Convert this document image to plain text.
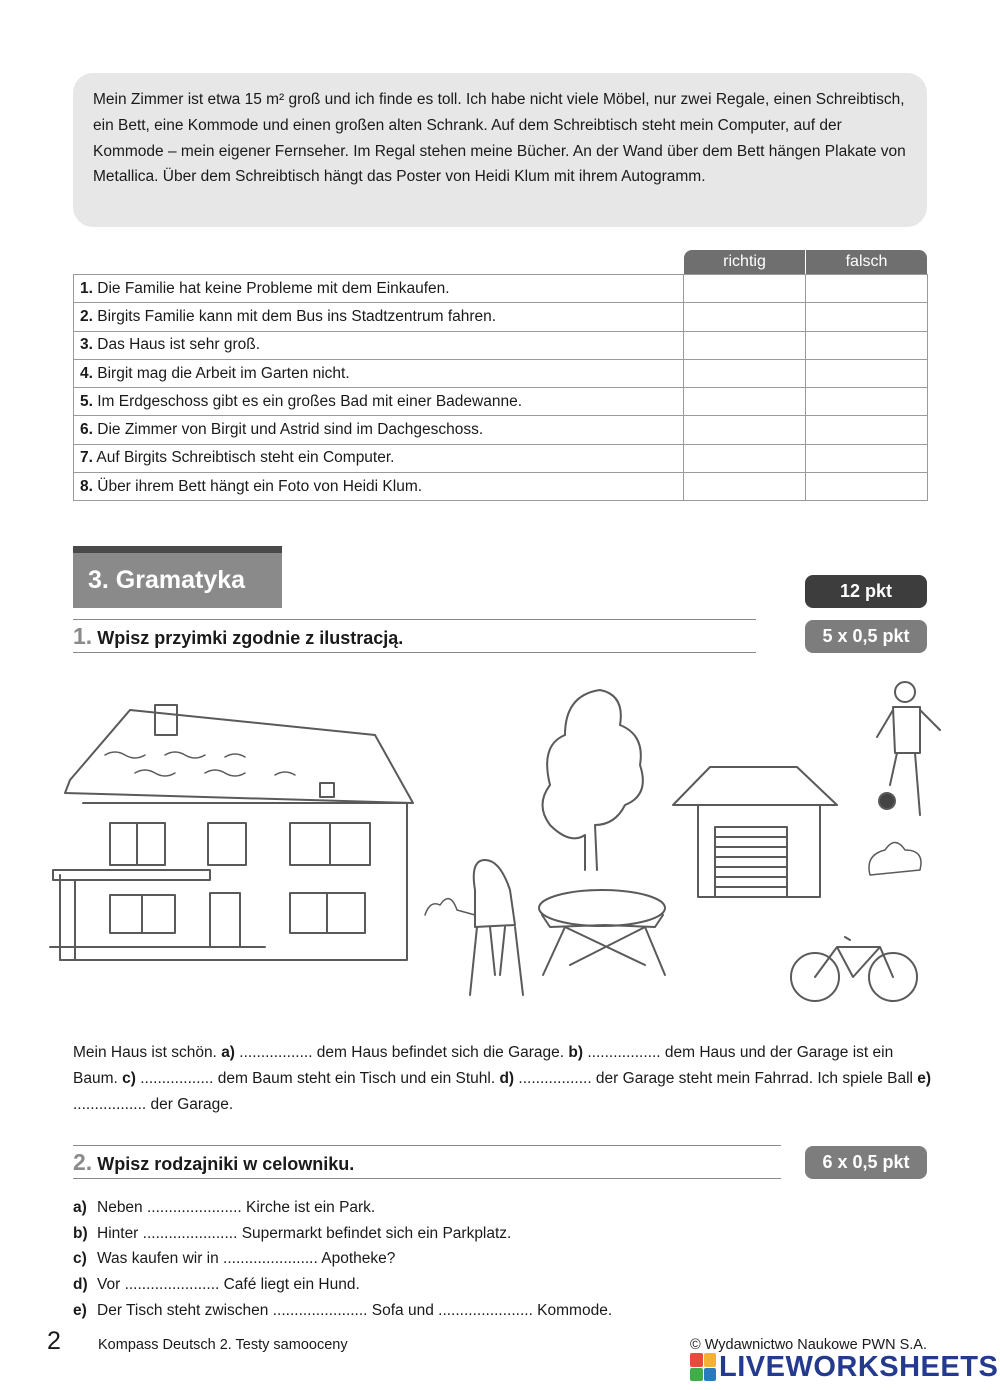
Mein Zimmer ist etwa 15 m² groß und ich finde es toll. Ich habe nicht viele Möbel, nur zwei Regale, einen Schreibtisch, ein Bett, eine Kommode und einen großen alten Schrank. Auf dem Schreibtisch steht mein Computer, auf der Kommode – mein eigener Fernseher. Im Regal stehen meine Bücher. An der Wand über dem Bett hängen Plakate von Metallica. Über dem Schreibtisch hängt das Poster von Heidi Klum mit ihrem Autogramm.
richtig	falsch
1. Die Familie hat keine Probleme mit dem Einkaufen.		
2. Birgits Familie kann mit dem Bus ins Stadtzentrum fahren.		
3. Das Haus ist sehr groß.		
4. Birgit mag die Arbeit im Garten nicht.		
5. Im Erdgeschoss gibt es ein großes Bad mit einer Badewanne.		
6. Die Zimmer von Birgit und Astrid sind im Dachgeschoss.		
7. Auf Birgits Schreibtisch steht ein Computer.		
8. Über ihrem Bett hängt ein Foto von Heidi Klum.		
3. Gramatyka	12 pkt
1. Wpisz przyimki zgodnie z ilustracją.	5 x 0,5 pkt
Mein Haus ist schön. a) ................. dem Haus befindet sich die Garage. b) ................. dem Haus und der Garage ist ein Baum. c) ................. dem Baum steht ein Tisch und ein Stuhl. d) ................. der Garage steht mein Fahrrad. Ich spiele Ball e) ................. der Garage.
2. Wpisz rodzajniki w celowniku.	6 x 0,5 pkt
a) Neben ...................... Kirche ist ein Park.
b) Hinter ...................... Supermarkt befindet sich ein Parkplatz.
c) Was kaufen wir in ...................... Apotheke?
d) Vor ...................... Café liegt ein Hund.
e) Der Tisch steht zwischen ...................... Sofa und ...................... Kommode.
2	Kompass Deutsch 2. Testy samooceny	© Wydawnictwo Naukowe PWN S.A.
LIVEWORKSHEETS
